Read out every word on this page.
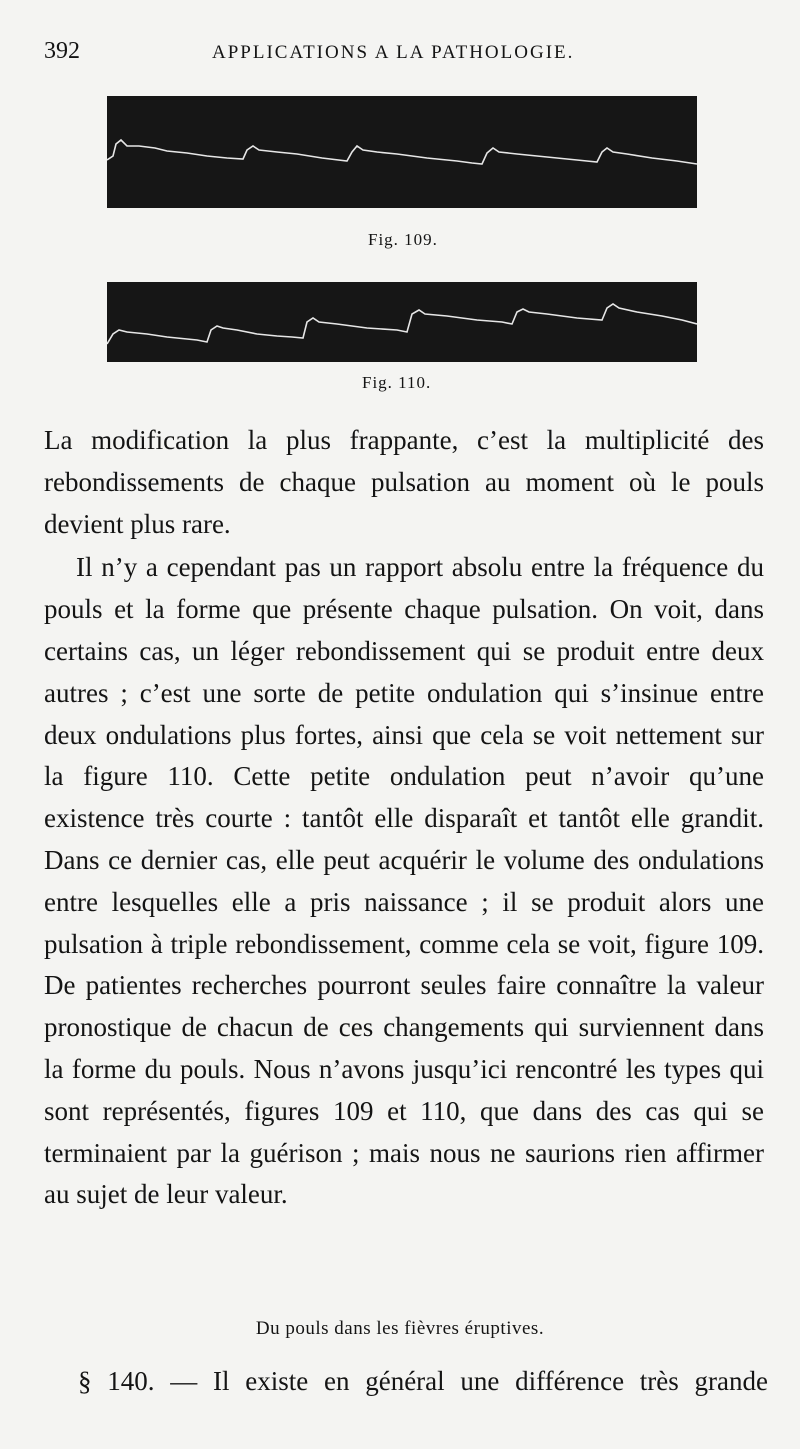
392	APPLICATIONS A LA PATHOLOGIE.
Fig. 109.
Fig. 110.

La modification la plus frappante, c’est la multiplicité des rebondissements de chaque pulsation au moment où le pouls devient plus rare.

Il n’y a cependant pas un rapport absolu entre la fréquence du pouls et la forme que présente chaque pulsation. On voit, dans certains cas, un léger rebondissement qui se produit entre deux autres ; c’est une sorte de petite ondulation qui s’insinue entre deux ondulations plus fortes, ainsi que cela se voit nettement sur la figure 110. Cette petite ondulation peut n’avoir qu’une existence très courte : tantôt elle disparaît et tantôt elle grandit. Dans ce dernier cas, elle peut acquérir le volume des ondulations entre lesquelles elle a pris naissance ; il se produit alors une pulsation à triple rebondissement, comme cela se voit, figure 109. De patientes recherches pourront seules faire connaître la valeur pronostique de chacun de ces changements qui surviennent dans la forme du pouls. Nous n’avons jusqu’ici rencontré les types qui sont représentés, figures 109 et 110, que dans des cas qui se terminaient par la guérison ; mais nous ne saurions rien affirmer au sujet de leur valeur.

Du pouls dans les fièvres éruptives.
§ 140. — Il existe en général une différence très grande
